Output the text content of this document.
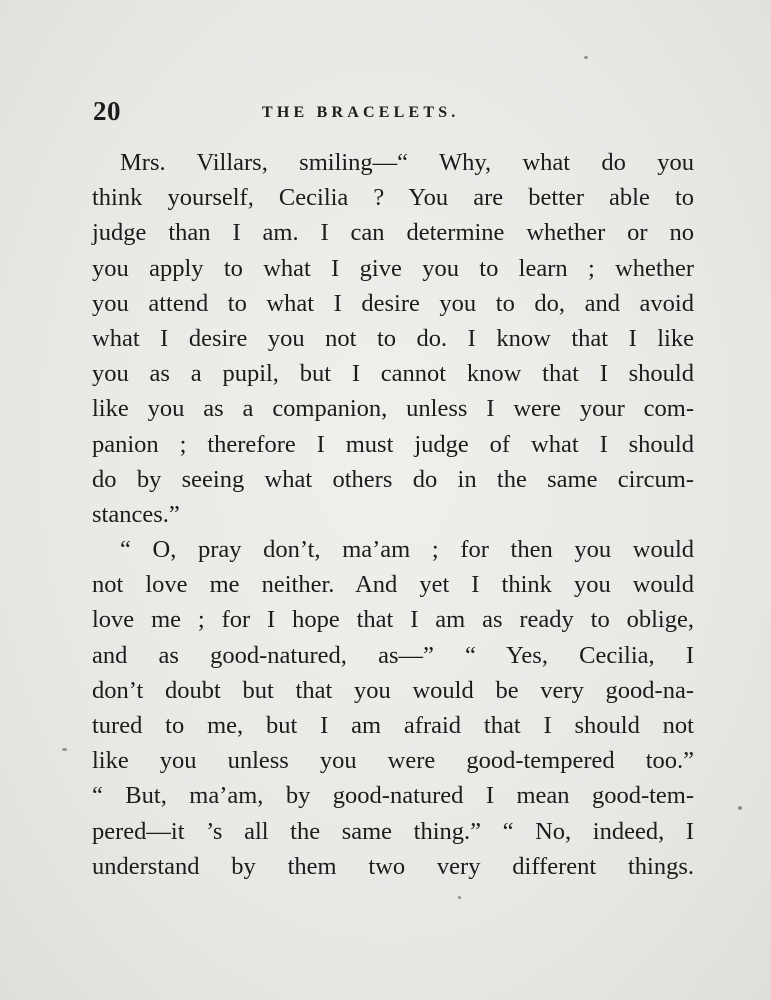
20	THE BRACELETS.
Mrs. Villars, smiling—“ Why, what do you
think yourself, Cecilia ? You are better able to
judge than I am. I can determine whether or no
you apply to what I give you to learn ; whether
you attend to what I desire you to do, and avoid
what I desire you not to do. I know that I like
you as a pupil, but I cannot know that I should
like you as a companion, unless I were your com-
panion ; therefore I must judge of what I should
do by seeing what others do in the same circum-
stances.”
“ O, pray don’t, ma’am ; for then you would
not love me neither. And yet I think you would
love me ; for I hope that I am as ready to oblige,
and as good-natured, as—” “ Yes, Cecilia, I
don’t doubt but that you would be very good-na-
tured to me, but I am afraid that I should not
like you unless you were good-tempered too.”
“ But, ma’am, by good-natured I mean good-tem-
pered—it ’s all the same thing.” “ No, indeed, I
understand by them two very different things.
